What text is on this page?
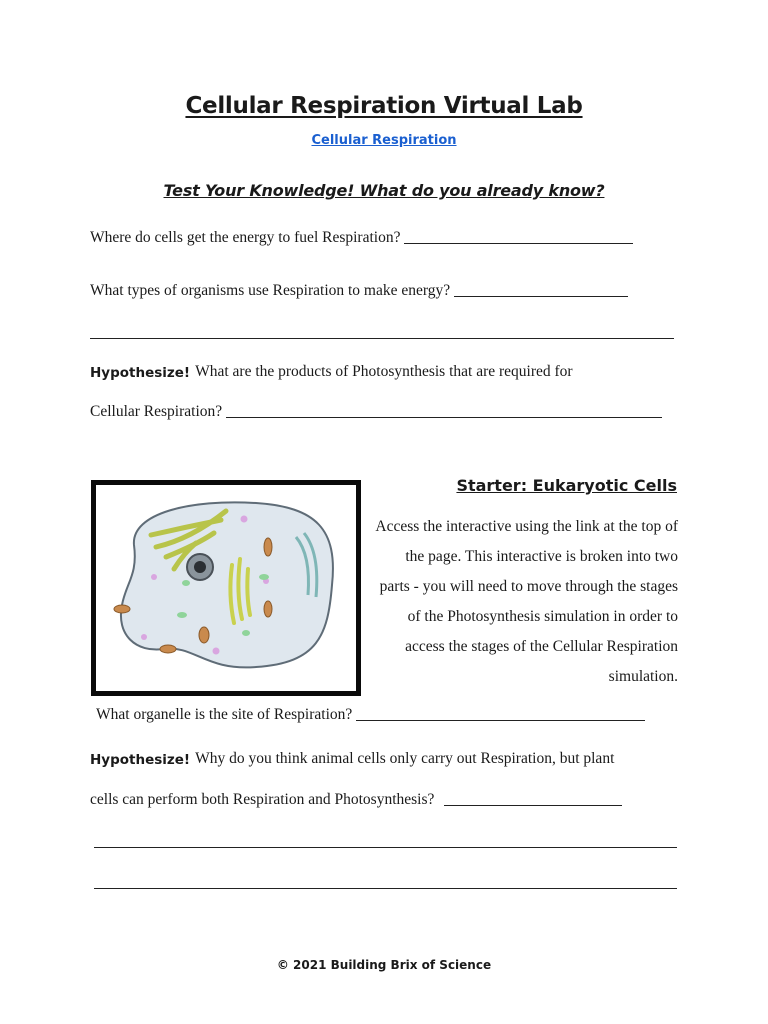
Cellular Respiration Virtual Lab
Cellular Respiration
Test Your Knowledge! What do you already know?
Where do cells get the energy to fuel Respiration?
What types of organisms use Respiration to make energy?
Hypothesize! What are the products of Photosynthesis that are required for
Cellular Respiration?
Starter: Eukaryotic Cells
Access the interactive using the link at the top of the page. This interactive is broken into two parts - you will need to move through the stages of the Photosynthesis simulation in order to access the stages of the Cellular Respiration simulation.
What organelle is the site of Respiration?
Hypothesize! Why do you think animal cells only carry out Respiration, but plant
cells can perform both Respiration and Photosynthesis?
© 2021 Building Brix of Science
